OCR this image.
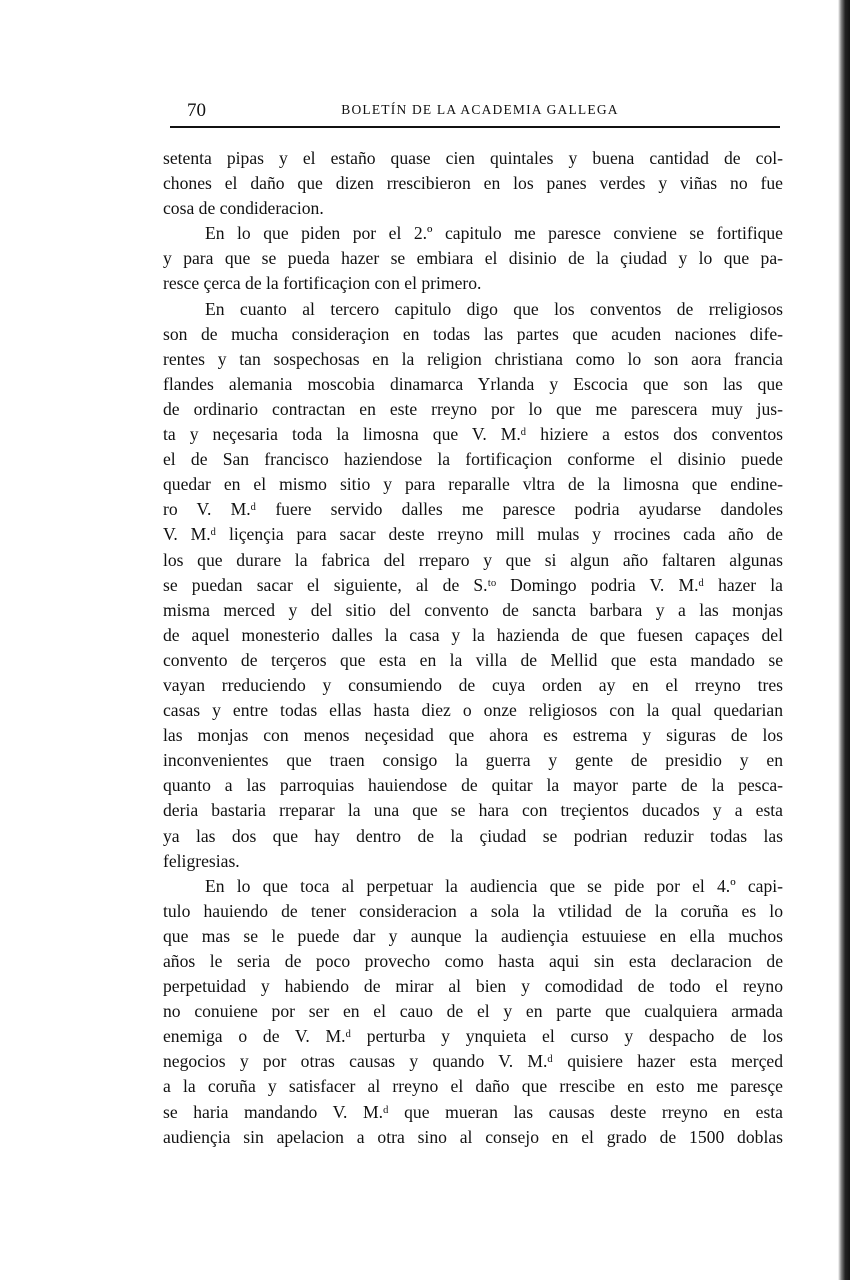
70	BOLETÍN DE LA ACADEMIA GALLEGA
setenta pipas y el estaño quase cien quintales y buena cantidad de col-
chones el daño que dizen rrescibieron en los panes verdes y viñas no fue
cosa de condideracion.
En lo que piden por el 2.º capitulo me paresce conviene se fortifique
y para que se pueda hazer se embiara el disinio de la çiudad y lo que pa-
resce çerca de la fortificaçion con el primero.
En cuanto al tercero capitulo digo que los conventos de rreligiosos
son de mucha consideraçion en todas las partes que acuden naciones dife-
rentes y tan sospechosas en la religion christiana como lo son aora francia
flandes alemania moscobia dinamarca Yrlanda y Escocia que son las que
de ordinario contractan en este rreyno por lo que me parescera muy jus-
ta y neçesaria toda la limosna que V. M.ᵈ hiziere a estos dos conventos
el de San francisco haziendose la fortificaçion conforme el disinio puede
quedar en el mismo sitio y para reparalle vltra de la limosna que endine-
ro V. M.ᵈ fuere servido dalles me paresce podria ayudarse dandoles
V. M.ᵈ liçençia para sacar deste rreyno mill mulas y rrocines cada año de
los que durare la fabrica del rreparo y que si algun año faltaren algunas
se puedan sacar el siguiente, al de S.ᵗᵒ Domingo podria V. M.ᵈ hazer la
misma merced y del sitio del convento de sancta barbara y a las monjas
de aquel monesterio dalles la casa y la hazienda de que fuesen capaçes del
convento de terçeros que esta en la villa de Mellid que esta mandado se
vayan rreduciendo y consumiendo de cuya orden ay en el rreyno tres
casas y entre todas ellas hasta diez o onze religiosos con la qual quedarian
las monjas con menos neçesidad que ahora es estrema y siguras de los
inconvenientes que traen consigo la guerra y gente de presidio y en
quanto a las parroquias hauiendose de quitar la mayor parte de la pesca-
deria bastaria rreparar la una que se hara con treçientos ducados y a esta
ya las dos que hay dentro de la çiudad se podrian reduzir todas las
feligresias.
En lo que toca al perpetuar la audiencia que se pide por el 4.º capi-
tulo hauiendo de tener consideracion a sola la vtilidad de la coruña es lo
que mas se le puede dar y aunque la audiençia estuuiese en ella muchos
años le seria de poco provecho como hasta aqui sin esta declaracion de
perpetuidad y habiendo de mirar al bien y comodidad de todo el reyno
no conuiene por ser en el cauo de el y en parte que cualquiera armada
enemiga o de V. M.ᵈ perturba y ynquieta el curso y despacho de los
negocios y por otras causas y quando V. M.ᵈ quisiere hazer esta merçed
a la coruña y satisfacer al rreyno el daño que rrescibe en esto me paresçe
se haria mandando V. M.ᵈ que mueran las causas deste rreyno en esta
audiençia sin apelacion a otra sino al consejo en el grado de 1500 doblas
